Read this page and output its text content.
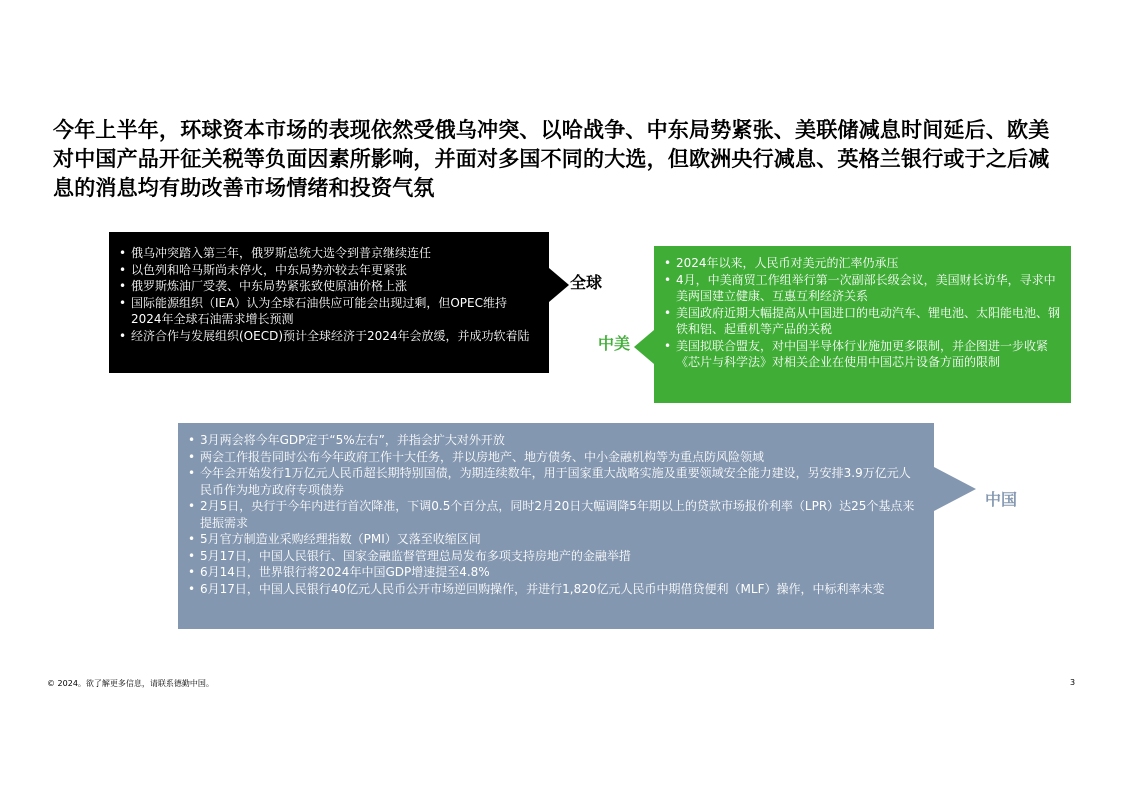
今年上半年，环球资本市场的表现依然受俄乌冲突、以哈战争、中东局势紧张、美联储减息时间延后、欧美对中国产品开征关税等负面因素所影响，并面对多国不同的大选，但欧洲央行减息、英格兰银行或于之后减息的消息均有助改善市场情绪和投资气氛
• 俄乌冲突踏入第三年，俄罗斯总统大选令到普京继续连任
• 以色列和哈马斯尚未停火，中东局势亦较去年更紧张
• 俄罗斯炼油厂受袭、中东局势紧张致使原油价格上涨
• 国际能源组织（IEA）认为全球石油供应可能会出现过剩，但OPEC维持2024年全球石油需求增长预测
• 经济合作与发展组织(OECD)预计全球经济于2024年会放缓，并成功软着陆
全球
• 2024年以来，人民币对美元的汇率仍承压
• 4月，中美商贸工作组举行第一次副部长级会议，美国财长访华，寻求中美两国建立健康、互惠互利经济关系
• 美国政府近期大幅提高从中国进口的电动汽车、锂电池、太阳能电池、钢铁和铝、起重机等产品的关税
• 美国拟联合盟友，对中国半导体行业施加更多限制，并企图进一步收紧《芯片与科学法》对相关企业在使用中国芯片设备方面的限制
中美
• 3月两会将今年GDP定于“5%左右”，并指会扩大对外开放
• 两会工作报告同时公布今年政府工作十大任务，并以房地产、地方债务、中小金融机构等为重点防风险领域
• 今年会开始发行1万亿元人民币超长期特别国债，为期连续数年，用于国家重大战略实施及重要领域安全能力建设，另安排3.9万亿元人民币作为地方政府专项债券
• 2月5日，央行于今年内进行首次降准，下调0.5个百分点，同时2月20日大幅调降5年期以上的贷款市场报价利率（LPR）达25个基点来提振需求
• 5月官方制造业采购经理指数（PMI）又落至收缩区间
• 5月17日，中国人民银行、国家金融监督管理总局发布多项支持房地产的金融举措
• 6月14日，世界银行将2024年中国GDP增速提至4.8%
• 6月17日，中国人民银行40亿元人民币公开市场逆回购操作，并进行1,820亿元人民币中期借贷便利（MLF）操作，中标利率未变
中国
© 2024。欲了解更多信息，请联系德勤中国。	3
